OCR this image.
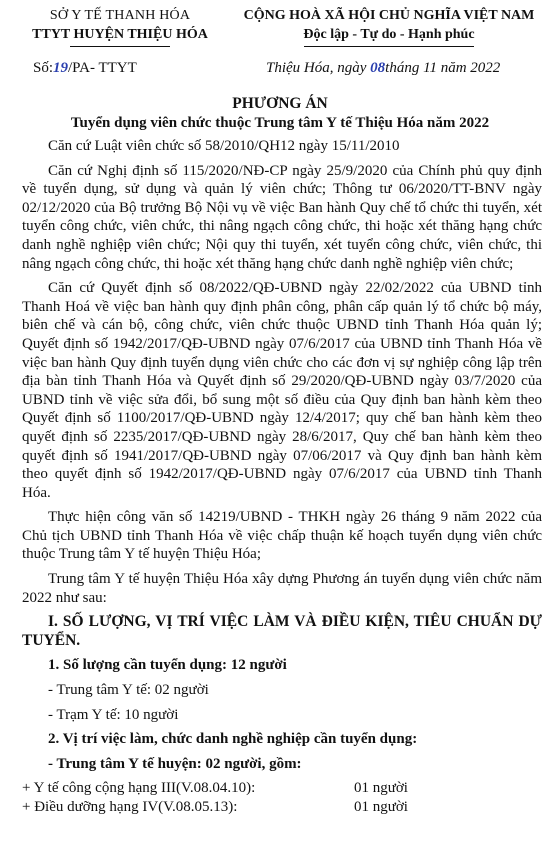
SỞ Y TẾ THANH HÓA
TTYT HUYỆN THIỆU HÓA
CỘNG HOÀ XÃ HỘI CHỦ NGHĨA VIỆT NAM
Độc lập - Tự do - Hạnh phúc
Số:19/PA- TTYT	Thiệu Hóa, ngày 08tháng 11 năm 2022
PHƯƠNG ÁN
Tuyển dụng viên chức thuộc Trung tâm Y tế Thiệu Hóa năm 2022

Căn cứ Luật viên chức số 58/2010/QH12 ngày 15/11/2010

Căn cứ Nghị định số 115/2020/NĐ-CP ngày 25/9/2020 của Chính phủ quy định về tuyển dụng, sử dụng và quản lý viên chức; Thông tư 06/2020/TT-BNV ngày 02/12/2020 của Bộ trưởng Bộ Nội vụ về việc Ban hành Quy chế tổ chức thi tuyển, xét tuyển công chức, viên chức, thi nâng ngạch công chức, thi hoặc xét thăng hạng chức danh nghề nghiệp viên chức; Nội quy thi tuyển, xét tuyển công chức, viên chức, thi nâng ngạch công chức, thi hoặc xét thăng hạng chức danh nghề nghiệp viên chức;

Căn cứ Quyết định số 08/2022/QĐ-UBND ngày 22/02/2022 của UBND tỉnh Thanh Hoá về việc ban hành quy định phân công, phân cấp quản lý tổ chức bộ máy, biên chế và cán bộ, công chức, viên chức thuộc UBND tỉnh Thanh Hóa quản lý; Quyết định số 1942/2017/QĐ-UBND ngày 07/6/2017 của UBND tỉnh Thanh Hóa về việc ban hành Quy định tuyển dụng viên chức cho các đơn vị sự nghiệp công lập trên địa bàn tỉnh Thanh Hóa và Quyết định số 29/2020/QĐ-UBND ngày 03/7/2020 của UBND tỉnh về việc sửa đổi, bổ sung một số điều của Quy định ban hành kèm theo Quyết định số 1100/2017/QĐ-UBND ngày 12/4/2017; quy chế ban hành kèm theo quyết định số 2235/2017/QĐ-UBND ngày 28/6/2017, Quy chế ban hành kèm theo quyết định số 1941/2017/QĐ-UBND ngày 07/06/2017 và Quy định ban hành kèm theo quyết định số 1942/2017/QĐ-UBND ngày 07/6/2017 của UBND tỉnh Thanh Hóa.

Thực hiện công văn số 14219/UBND - THKH ngày 26 tháng 9 năm 2022 của Chủ tịch UBND tỉnh Thanh Hóa về việc chấp thuận kế hoạch tuyển dụng viên chức thuộc Trung tâm Y tế huyện Thiệu Hóa;

Trung tâm Y tế huyện Thiệu Hóa xây dựng Phương án tuyển dụng viên chức năm 2022 như sau:

I. SỐ LƯỢNG, VỊ TRÍ VIỆC LÀM VÀ ĐIỀU KIỆN, TIÊU CHUẨN DỰ TUYỂN.

1. Số lượng cần tuyển dụng: 12 người

- Trung tâm Y tế: 02 người

- Trạm Y tế: 10 người

2. Vị trí việc làm, chức danh nghề nghiệp cần tuyển dụng:

- Trung tâm Y tế huyện: 02 người, gồm:

+ Y tế công cộng hạng III(V.08.04.10):	01 người
+ Điều dưỡng hạng IV(V.08.05.13):	01 người
